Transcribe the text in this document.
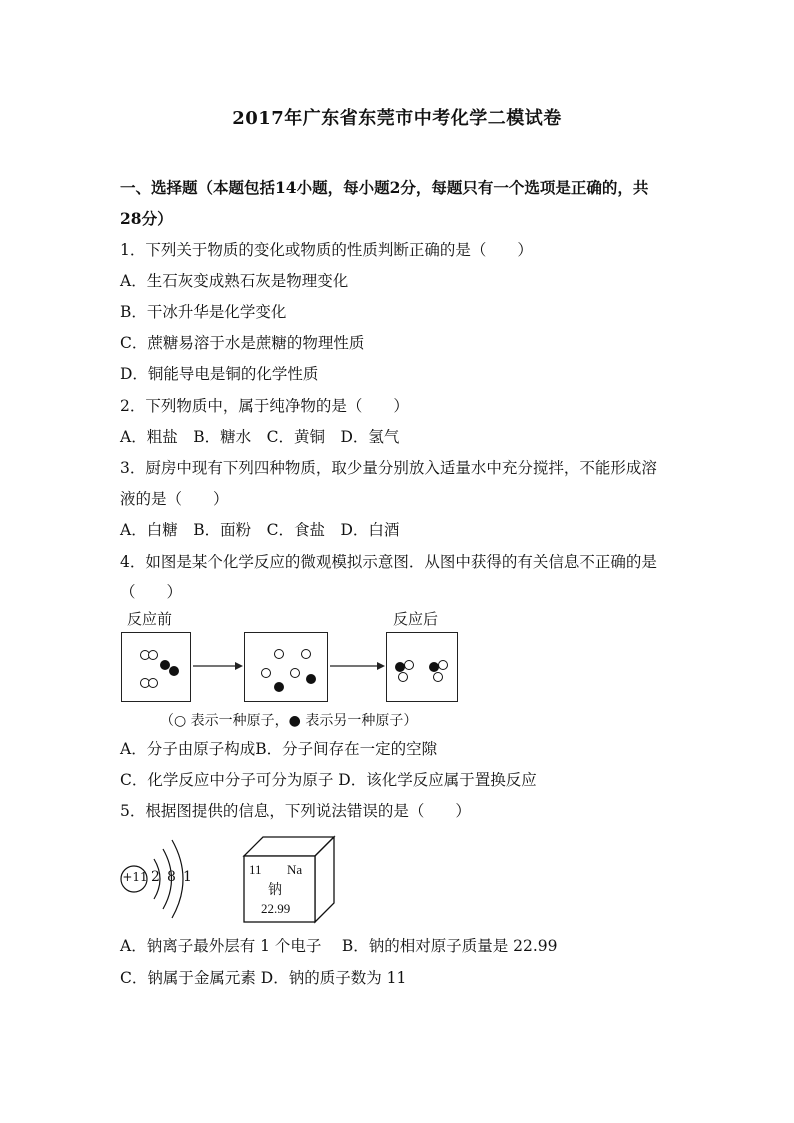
2017年广东省东莞市中考化学二模试卷
一、选择题（本题包括14小题，每小题2分，每题只有一个选项是正确的，共
28分）
1．下列关于物质的变化或物质的性质判断正确的是（　　）
A．生石灰变成熟石灰是物理变化
B．干冰升华是化学变化
C．蔗糖易溶于水是蔗糖的物理性质
D．铜能导电是铜的化学性质
2．下列物质中，属于纯净物的是（　　）
A．粗盐　B．糖水　C．黄铜　D．氢气
3．厨房中现有下列四种物质，取少量分别放入适量水中充分搅拌，不能形成溶
液的是（　　）
A．白糖　B．面粉　C．食盐　D．白酒
4．如图是某个化学反应的微观模拟示意图．从图中获得的有关信息不正确的是
（　　）
反应前	反应后
（○ 表示一种原子，● 表示另一种原子）
A．分子由原子构成B．分子间存在一定的空隙
C．化学反应中分子可分为原子 D．该化学反应属于置换反应
5．根据图提供的信息，下列说法错误的是（　　）
+11 2 8 1	11 Na
钠
22.99
A．钠离子最外层有 1 个电子　 B．钠的相对原子质量是 22.99
C．钠属于金属元素 D．钠的质子数为 11
